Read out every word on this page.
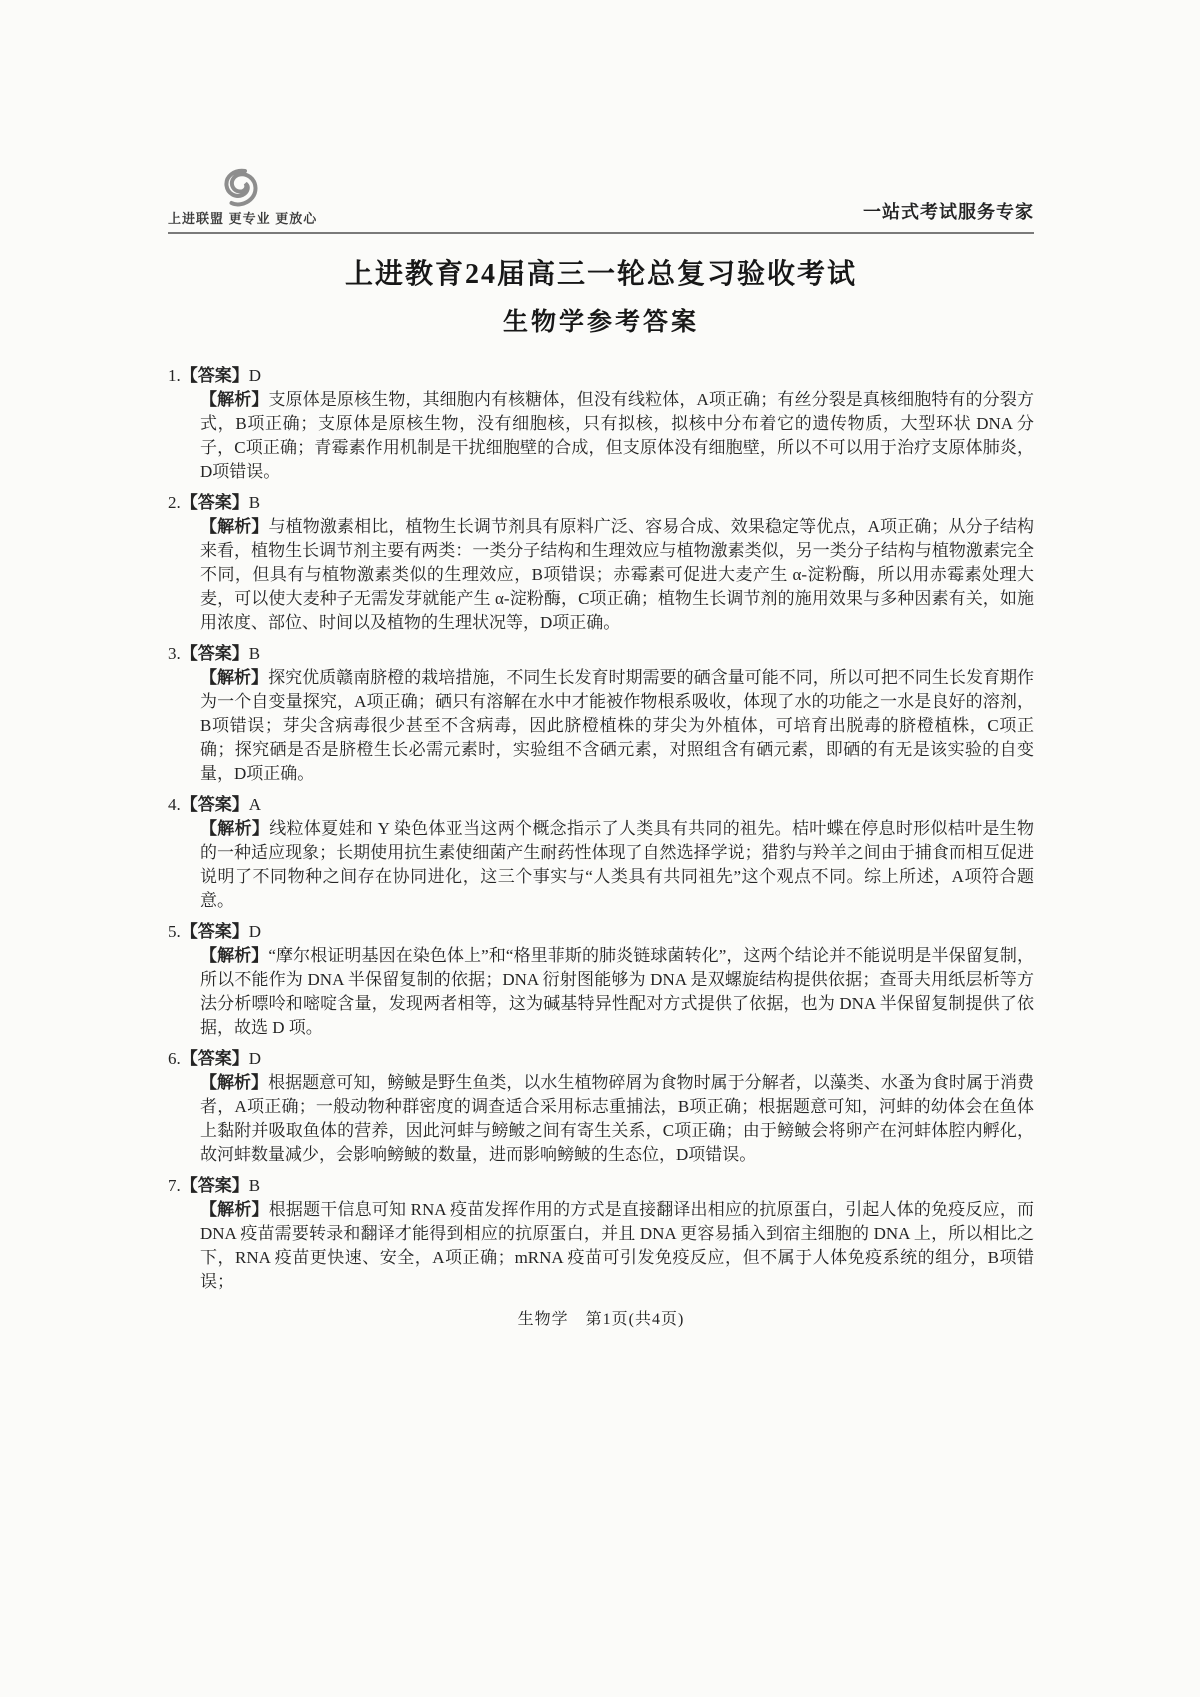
上进联盟 更专业 更放心	一站式考试服务专家
上进教育24届高三一轮总复习验收考试
生物学参考答案
1.【答案】D

【解析】支原体是原核生物，其细胞内有核糖体，但没有线粒体，A项正确；有丝分裂是真核细胞特有的分裂方式，B项正确；支原体是原核生物，没有细胞核，只有拟核，拟核中分布着它的遗传物质，大型环状 DNA 分子，C项正确；青霉素作用机制是干扰细胞壁的合成，但支原体没有细胞壁，所以不可以用于治疗支原体肺炎，D项错误。

2.【答案】B

【解析】与植物激素相比，植物生长调节剂具有原料广泛、容易合成、效果稳定等优点，A项正确；从分子结构来看，植物生长调节剂主要有两类：一类分子结构和生理效应与植物激素类似，另一类分子结构与植物激素完全不同，但具有与植物激素类似的生理效应，B项错误；赤霉素可促进大麦产生 α-淀粉酶，所以用赤霉素处理大麦，可以使大麦种子无需发芽就能产生 α-淀粉酶，C项正确；植物生长调节剂的施用效果与多种因素有关，如施用浓度、部位、时间以及植物的生理状况等，D项正确。

3.【答案】B

【解析】探究优质赣南脐橙的栽培措施，不同生长发育时期需要的硒含量可能不同，所以可把不同生长发育期作为一个自变量探究，A项正确；硒只有溶解在水中才能被作物根系吸收，体现了水的功能之一水是良好的溶剂，B项错误；芽尖含病毒很少甚至不含病毒，因此脐橙植株的芽尖为外植体，可培育出脱毒的脐橙植株，C项正确；探究硒是否是脐橙生长必需元素时，实验组不含硒元素，对照组含有硒元素，即硒的有无是该实验的自变量，D项正确。

4.【答案】A

【解析】线粒体夏娃和 Y 染色体亚当这两个概念指示了人类具有共同的祖先。桔叶蝶在停息时形似桔叶是生物的一种适应现象；长期使用抗生素使细菌产生耐药性体现了自然选择学说；猎豹与羚羊之间由于捕食而相互促进说明了不同物种之间存在协同进化，这三个事实与“人类具有共同祖先”这个观点不同。综上所述，A项符合题意。

5.【答案】D

【解析】“摩尔根证明基因在染色体上”和“格里菲斯的肺炎链球菌转化”，这两个结论并不能说明是半保留复制，所以不能作为 DNA 半保留复制的依据；DNA 衍射图能够为 DNA 是双螺旋结构提供依据；查哥夫用纸层析等方法分析嘌呤和嘧啶含量，发现两者相等，这为碱基特异性配对方式提供了依据，也为 DNA 半保留复制提供了依据，故选 D 项。

6.【答案】D

【解析】根据题意可知，鳑鲏是野生鱼类，以水生植物碎屑为食物时属于分解者，以藻类、水蚤为食时属于消费者，A项正确；一般动物种群密度的调查适合采用标志重捕法，B项正确；根据题意可知，河蚌的幼体会在鱼体上黏附并吸取鱼体的营养，因此河蚌与鳑鲏之间有寄生关系，C项正确；由于鳑鲏会将卵产在河蚌体腔内孵化，故河蚌数量减少，会影响鳑鲏的数量，进而影响鳑鲏的生态位，D项错误。

7.【答案】B

【解析】根据题干信息可知 RNA 疫苗发挥作用的方式是直接翻译出相应的抗原蛋白，引起人体的免疫反应，而 DNA 疫苗需要转录和翻译才能得到相应的抗原蛋白，并且 DNA 更容易插入到宿主细胞的 DNA 上，所以相比之下，RNA 疫苗更快速、安全，A项正确；mRNA 疫苗可引发免疫反应，但不属于人体免疫系统的组分，B项错误；

生物学　第1页(共4页)
